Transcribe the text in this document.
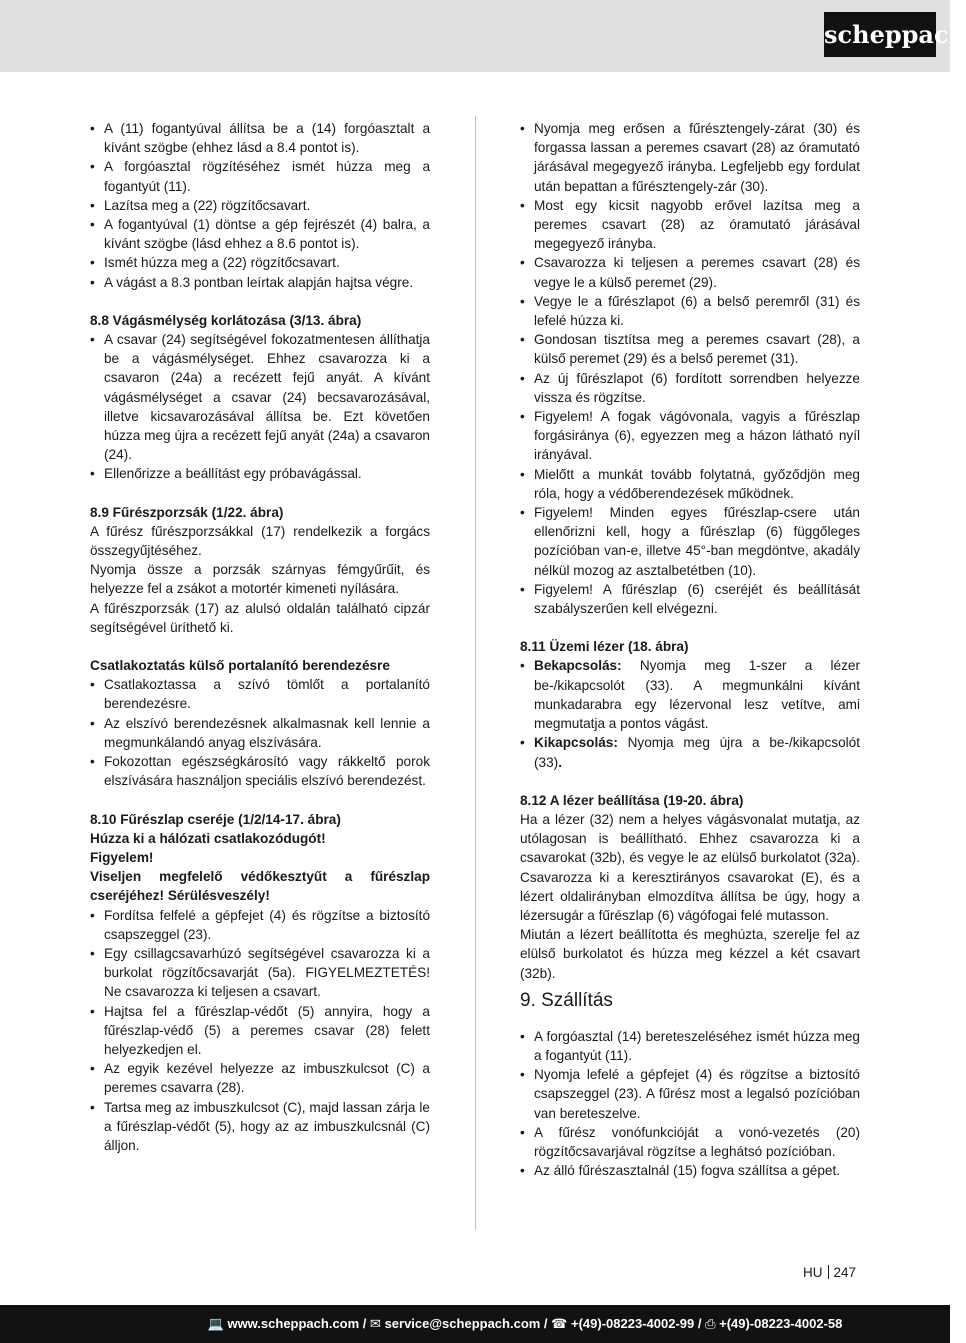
scheppach
• A (11) fogantyúval állítsa be a (14) forgóasztalt a kívánt szögbe (ehhez lásd a 8.4 pontot is).
• A forgóasztal rögzítéséhez ismét húzza meg a fogantyút (11).
• Lazítsa meg a (22) rögzítőcsavart.
• A fogantyúval (1) döntse a gép fejrészét (4) balra, a kívánt szögbe (lásd ehhez a 8.6 pontot is).
• Ismét húzza meg a (22) rögzítőcsavart.
• A vágást a 8.3 pontban leírtak alapján hajtsa végre.
8.8 Vágásmélység korlátozása (3/13. ábra)
• A csavar (24) segítségével fokozatmentesen állíthatja be a vágásmélységet. Ehhez csavarozza ki a csavaron (24a) a recézett fejű anyát. A kívánt vágásmélységet a csavar (24) becsavarozásával, illetve kicsavarozásával állítsa be. Ezt követően húzza meg újra a recézett fejű anyát (24a) a csavaron (24).
• Ellenőrizze a beállítást egy próbavágással.
8.9 Fűrészporzsák (1/22. ábra)
A fűrész fűrészporzsákkal (17) rendelkezik a forgács összegyűjtéséhez.
Nyomja össze a porzsák szárnyas fémgyűrűit, és helyezze fel a zsákot a motortér kimeneti nyílására.
A fűrészporzsák (17) az alulsó oldalán található cipzár segítségével üríthető ki.
Csatlakoztatás külső portalanító berendezésre
• Csatlakoztassa a szívó tömlőt a portalanító berendezésre.
• Az elszívó berendezésnek alkalmasnak kell lennie a megmunkálandó anyag elszívására.
• Fokozottan egészségkárosító vagy rákkeltő porok elszívására használjon speciális elszívó berendezést.
8.10 Fűrészlap cseréje (1/2/14-17. ábra)
Húzza ki a hálózati csatlakozódugót!
Figyelem!
Viseljen megfelelő védőkesztyűt a fűrészlap cseréjéhez! Sérülésveszély!
• Fordítsa felfelé a gépfejet (4) és rögzítse a biztosító csapszeggel (23).
• Egy csillagcsavarhúzó segítségével csavarozza ki a burkolat rögzítőcsavarját (5a). FIGYELMEZTETÉS! Ne csavarozza ki teljesen a csavart.
• Hajtsa fel a fűrészlap-védőt (5) annyira, hogy a fűrészlap-védő (5) a peremes csavar (28) felett helyezkedjen el.
• Az egyik kezével helyezze az imbuszkulcsot (C) a peremes csavarra (28).
• Tartsa meg az imbuszkulcsot (C), majd lassan zárja le a fűrészlap-védőt (5), hogy az az imbuszkulcsnál (C) álljon.
• Nyomja meg erősen a fűrésztengely-zárat (30) és forgassa lassan a peremes csavart (28) az óramutató járásával megegyező irányba. Legfeljebb egy fordulat után bepattan a fűrésztengely-zár (30).
• Most egy kicsit nagyobb erővel lazítsa meg a peremes csavart (28) az óramutató járásával megegyező irányba.
• Csavarozza ki teljesen a peremes csavart (28) és vegye le a külső peremet (29).
• Vegye le a fűrészlapot (6) a belső peremről (31) és lefelé húzza ki.
• Gondosan tisztítsa meg a peremes csavart (28), a külső peremet (29) és a belső peremet (31).
• Az új fűrészlapot (6) fordított sorrendben helyezze vissza és rögzítse.
• Figyelem! A fogak vágóvonala, vagyis a fűrészlap forgásiránya (6), egyezzen meg a házon látható nyíl irányával.
• Mielőtt a munkát tovább folytatná, győződjön meg róla, hogy a védőberendezések működnek.
• Figyelem! Minden egyes fűrészlap-csere után ellenőrizni kell, hogy a fűrészlap (6) függőleges pozícióban van-e, illetve 45°-ban megdöntve, akadály nélkül mozog az asztalbetétben (10).
• Figyelem! A fűrészlap (6) cseréjét és beállítását szabályszerűen kell elvégezni.
8.11 Üzemi lézer (18. ábra)
• Bekapcsolás: Nyomja meg 1-szer a lézer be-/kikapcsolót (33). A megmunkálni kívánt munkadarabra egy lézervonal lesz vetítve, ami megmutatja a pontos vágást.
• Kikapcsolás: Nyomja meg újra a be-/kikapcsolót (33).
8.12 A lézer beállítása (19-20. ábra)
Ha a lézer (32) nem a helyes vágásvonalat mutatja, az utólagosan is beállítható. Ehhez csavarozza ki a csavarokat (32b), és vegye le az elülső burkolatot (32a). Csavarozza ki a keresztirányos csavarokat (E), és a lézert oldalirányban elmozdítva állítsa be úgy, hogy a lézersugár a fűrészlap (6) vágófogai felé mutasson.
Miután a lézert beállította és meghúzta, szerelje fel az elülső burkolatot és húzza meg kézzel a két csavart (32b).
9. Szállítás
• A forgóasztal (14) bereteszeléséhez ismét húzza meg a fogantyút (11).
• Nyomja lefelé a gépfejet (4) és rögzítse a biztosító csapszeggel (23). A fűrész most a legalsó pozícióban van bereteszelve.
• A fűrész vonófunkcióját a vonó-vezetés (20) rögzítőcsavarjával rögzítse a leghátsó pozícióban.
• Az álló fűrészasztalnál (15) fogva szállítsa a gépet.
HU 247
💻 www.scheppach.com / ✉ service@scheppach.com / ☎ +(49)-08223-4002-99 / ⎙ +(49)-08223-4002-58
